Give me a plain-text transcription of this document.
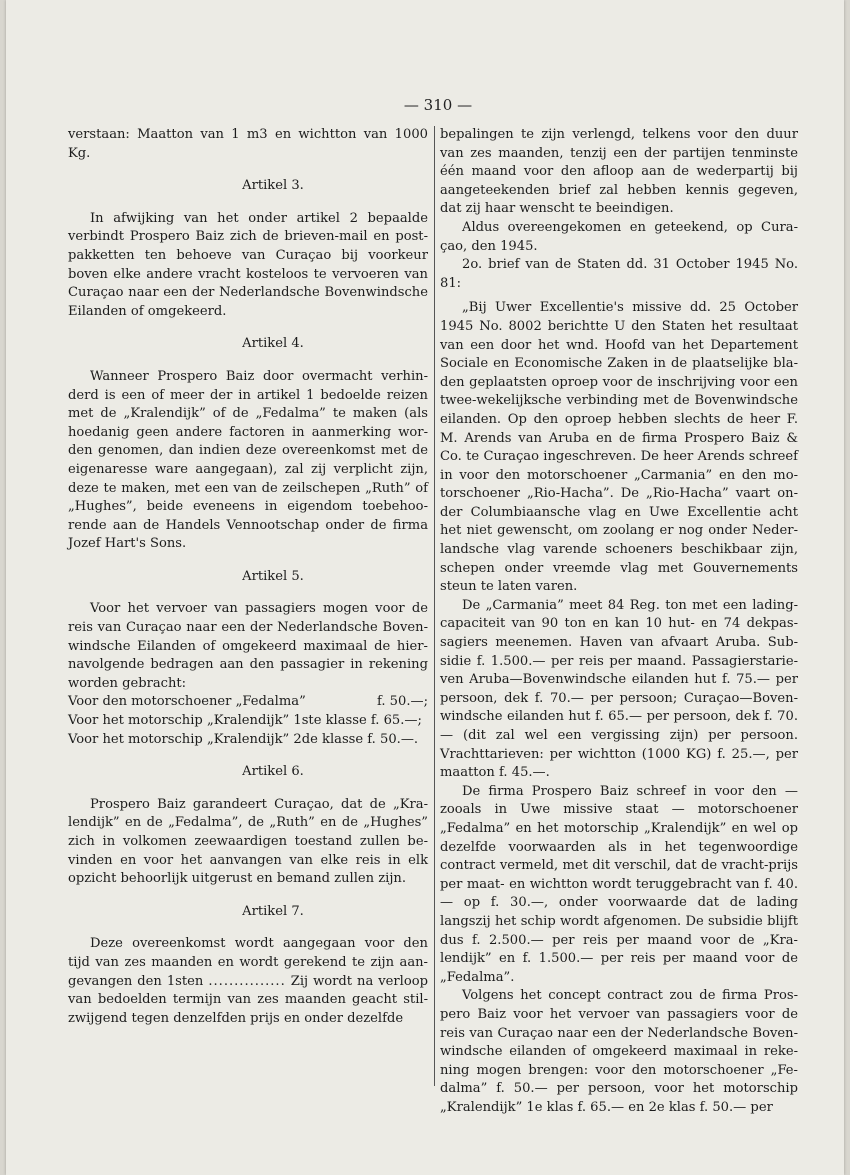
— 310 —

verstaan: Maatton van 1 m3 en wichtton van 1000 Kg.

Artikel 3.

In afwijking van het onder artikel 2 bepaalde verbindt Prospero Baiz zich de brieven-mail en post-pakketten ten behoeve van Curaçao bij voorkeur boven elke andere vracht kosteloos te vervoeren van Curaçao naar een der Nederlandsche Bovenwindsche Eilanden of omgekeerd.

Artikel 4.

Wanneer Prospero Baiz door overmacht verhin-derd is een of meer der in artikel 1 bedoelde reizen met de „Kralendijk” of de „Fedalma” te maken (als hoedanig geen andere factoren in aanmerking wor-den genomen, dan indien deze overeenkomst met de eigenaresse ware aangegaan), zal zij verplicht zijn, deze te maken, met een van de zeilschepen „Ruth” of „Hughes”, beide eveneens in eigendom toebehoo-rende aan de Handels Vennootschap onder de firma Jozef Hart's Sons.

Artikel 5.

Voor het vervoer van passagiers mogen voor de reis van Curaçao naar een der Nederlandsche Boven-windsche Eilanden of omgekeerd maximaal de hier-navolgende bedragen aan den passagier in rekening worden gebracht:

Voor den motorschoener „Fedalma”	f. 50.—;

Voor het motorschip „Kralendijk” 1ste klasse f. 65.—;

Voor het motorschip „Kralendijk” 2de klasse f. 50.—.

Artikel 6.

Prospero Baiz garandeert Curaçao, dat de „Kra-lendijk” en de „Fedalma”, de „Ruth” en de „Hughes” zich in volkomen zeewaardigen toestand zullen be-vinden en voor het aanvangen van elke reis in elk opzicht behoorlijk uitgerust en bemand zullen zijn.

Artikel 7.

Deze overeenkomst wordt aangegaan voor den tijd van zes maanden en wordt gerekend te zijn aan-gevangen den 1sten ............... Zij wordt na verloop van bedoelden termijn van zes maanden geacht stil-zwijgend tegen denzelfden prijs en onder dezelfde

bepalingen te zijn verlengd, telkens voor den duur van zes maanden, tenzij een der partijen tenminste één maand voor den afloop aan de wederpartij bij aangeteekenden brief zal hebben kennis gegeven, dat zij haar wenscht te beeindigen.

Aldus overeengekomen en geteekend, op Cura-çao, den 1945.

2o. brief van de Staten dd. 31 October 1945 No. 81:

„Bij Uwer Excellentie's missive dd. 25 October 1945 No. 8002 berichtte U den Staten het resultaat van een door het wnd. Hoofd van het Departement Sociale en Economische Zaken in de plaatselijke bla-den geplaatsten oproep voor de inschrijving voor een twee-wekelijksche verbinding met de Bovenwindsche eilanden. Op den oproep hebben slechts de heer F. M. Arends van Aruba en de firma Prospero Baiz & Co. te Curaçao ingeschreven. De heer Arends schreef in voor den motorschoener „Carmania” en den mo-torschoener „Rio-Hacha”. De „Rio-Hacha” vaart on-der Columbiaansche vlag en Uwe Excellentie acht het niet gewenscht, om zoolang er nog onder Neder-landsche vlag varende schoeners beschikbaar zijn, schepen onder vreemde vlag met Gouvernements steun te laten varen.

De „Carmania” meet 84 Reg. ton met een lading-capaciteit van 90 ton en kan 10 hut- en 74 dekpas-sagiers meenemen. Haven van afvaart Aruba. Sub-sidie f. 1.500.— per reis per maand. Passagierstarie-ven Aruba—Bovenwindsche eilanden hut f. 75.— per persoon, dek f. 70.— per persoon; Curaçao—Boven-windsche eilanden hut f. 65.— per persoon, dek f. 70.— (dit zal wel een vergissing zijn) per persoon. Vrachttarieven: per wichtton (1000 KG) f. 25.—, per maatton f. 45.—.

De firma Prospero Baiz schreef in voor den — zooals in Uwe missive staat — motorschoener „Fedalma” en het motorschip „Kralendijk” en wel op dezelfde voorwaarden als in het tegenwoordige contract vermeld, met dit verschil, dat de vracht-prijs per maat- en wichtton wordt teruggebracht van f. 40.— op f. 30.—, onder voorwaarde dat de lading langszij het schip wordt afgenomen. De subsidie blijft dus f. 2.500.— per reis per maand voor de „Kra-lendijk” en f. 1.500.— per reis per maand voor de „Fedalma”.

Volgens het concept contract zou de firma Pros-pero Baiz voor het vervoer van passagiers voor de reis van Curaçao naar een der Nederlandsche Boven-windsche eilanden of omgekeerd maximaal in reke-ning mogen brengen: voor den motorschoener „Fe-dalma” f. 50.— per persoon, voor het motorschip „Kralendijk” 1e klas f. 65.— en 2e klas f. 50.— per
